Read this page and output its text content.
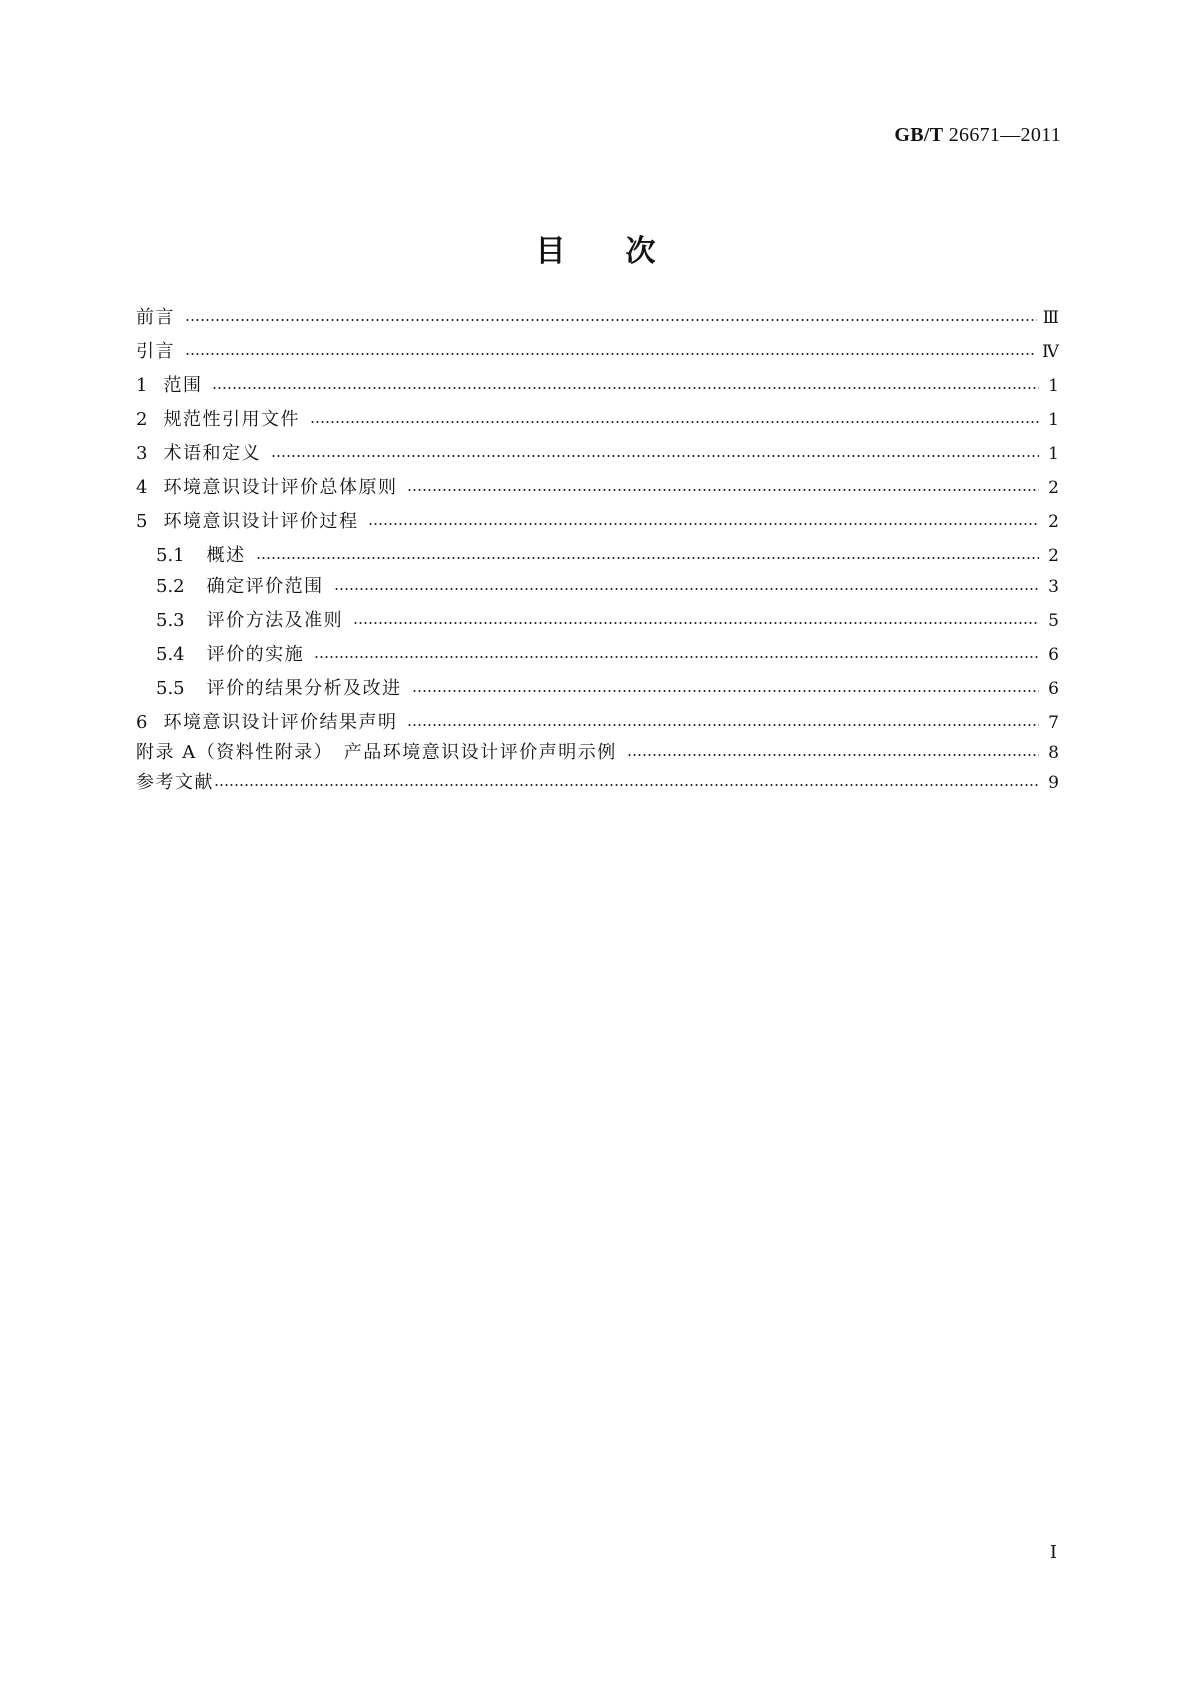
GB/T 26671—2011
目 次
前言	Ⅲ
引言	Ⅳ
1 范围	1
2 规范性引用文件	1
3 术语和定义	1
4 环境意识设计评价总体原则	2
5 环境意识设计评价过程	2
5.1 概述	2
5.2 确定评价范围	3
5.3 评价方法及准则	5
5.4 评价的实施	6
5.5 评价的结果分析及改进	6
6 环境意识设计评价结果声明	7
附录 A（资料性附录）　产品环境意识设计评价声明示例	8
参考文献	9
Ⅰ
